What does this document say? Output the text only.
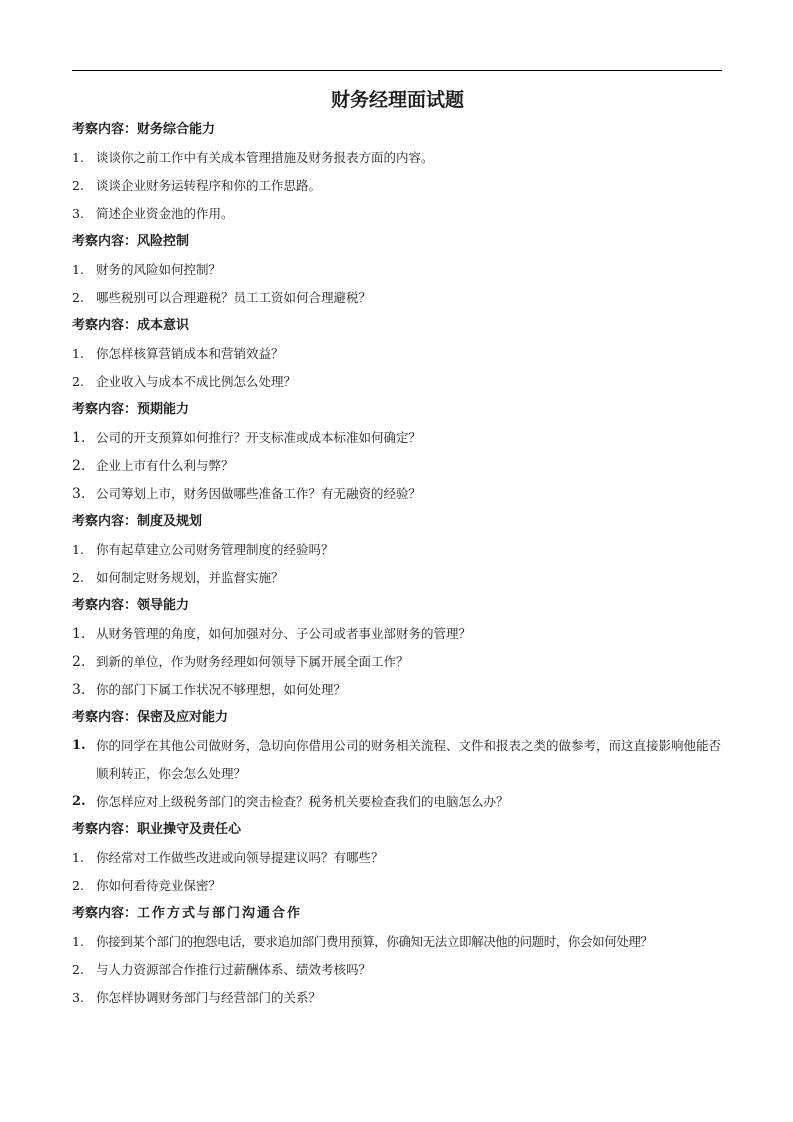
财务经理面试题

考察内容：财务综合能力

1. 谈谈你之前工作中有关成本管理措施及财务报表方面的内容。
2. 谈谈企业财务运转程序和你的工作思路。
3. 简述企业资金池的作用。

考察内容：风险控制

1. 财务的风险如何控制？
2. 哪些税别可以合理避税？员工工资如何合理避税？

考察内容：成本意识

1. 你怎样核算营销成本和营销效益？
2. 企业收入与成本不成比例怎么处理？

考察内容：预期能力

1. 公司的开支预算如何推行？开支标准或成本标准如何确定？
2. 企业上市有什么利与弊？
3. 公司筹划上市，财务因做哪些准备工作？有无融资的经验？

考察内容：制度及规划

1. 你有起草建立公司财务管理制度的经验吗？
2. 如何制定财务规划，并监督实施？

考察内容：领导能力

1. 从财务管理的角度，如何加强对分、子公司或者事业部财务的管理？
2. 到新的单位，作为财务经理如何领导下属开展全面工作？
3. 你的部门下属工作状况不够理想，如何处理？

考察内容：保密及应对能力

1. 你的同学在其他公司做财务，急切向你借用公司的财务相关流程、文件和报表之类的做参考，而这直接影响他能否顺利转正，你会怎么处理？
2. 你怎样应对上级税务部门的突击检查？税务机关要检查我们的电脑怎么办？

考察内容：职业操守及责任心

1. 你经常对工作做些改进或向领导提建议吗？有哪些？
2. 你如何看待竞业保密？

考察内容：工作方式与部门沟通合作

1. 你接到某个部门的抱怨电话，要求追加部门费用预算，你确知无法立即解决他的问题时，你会如何处理？
2. 与人力资源部合作推行过薪酬体系、绩效考核吗？
3. 你怎样协调财务部门与经营部门的关系？
